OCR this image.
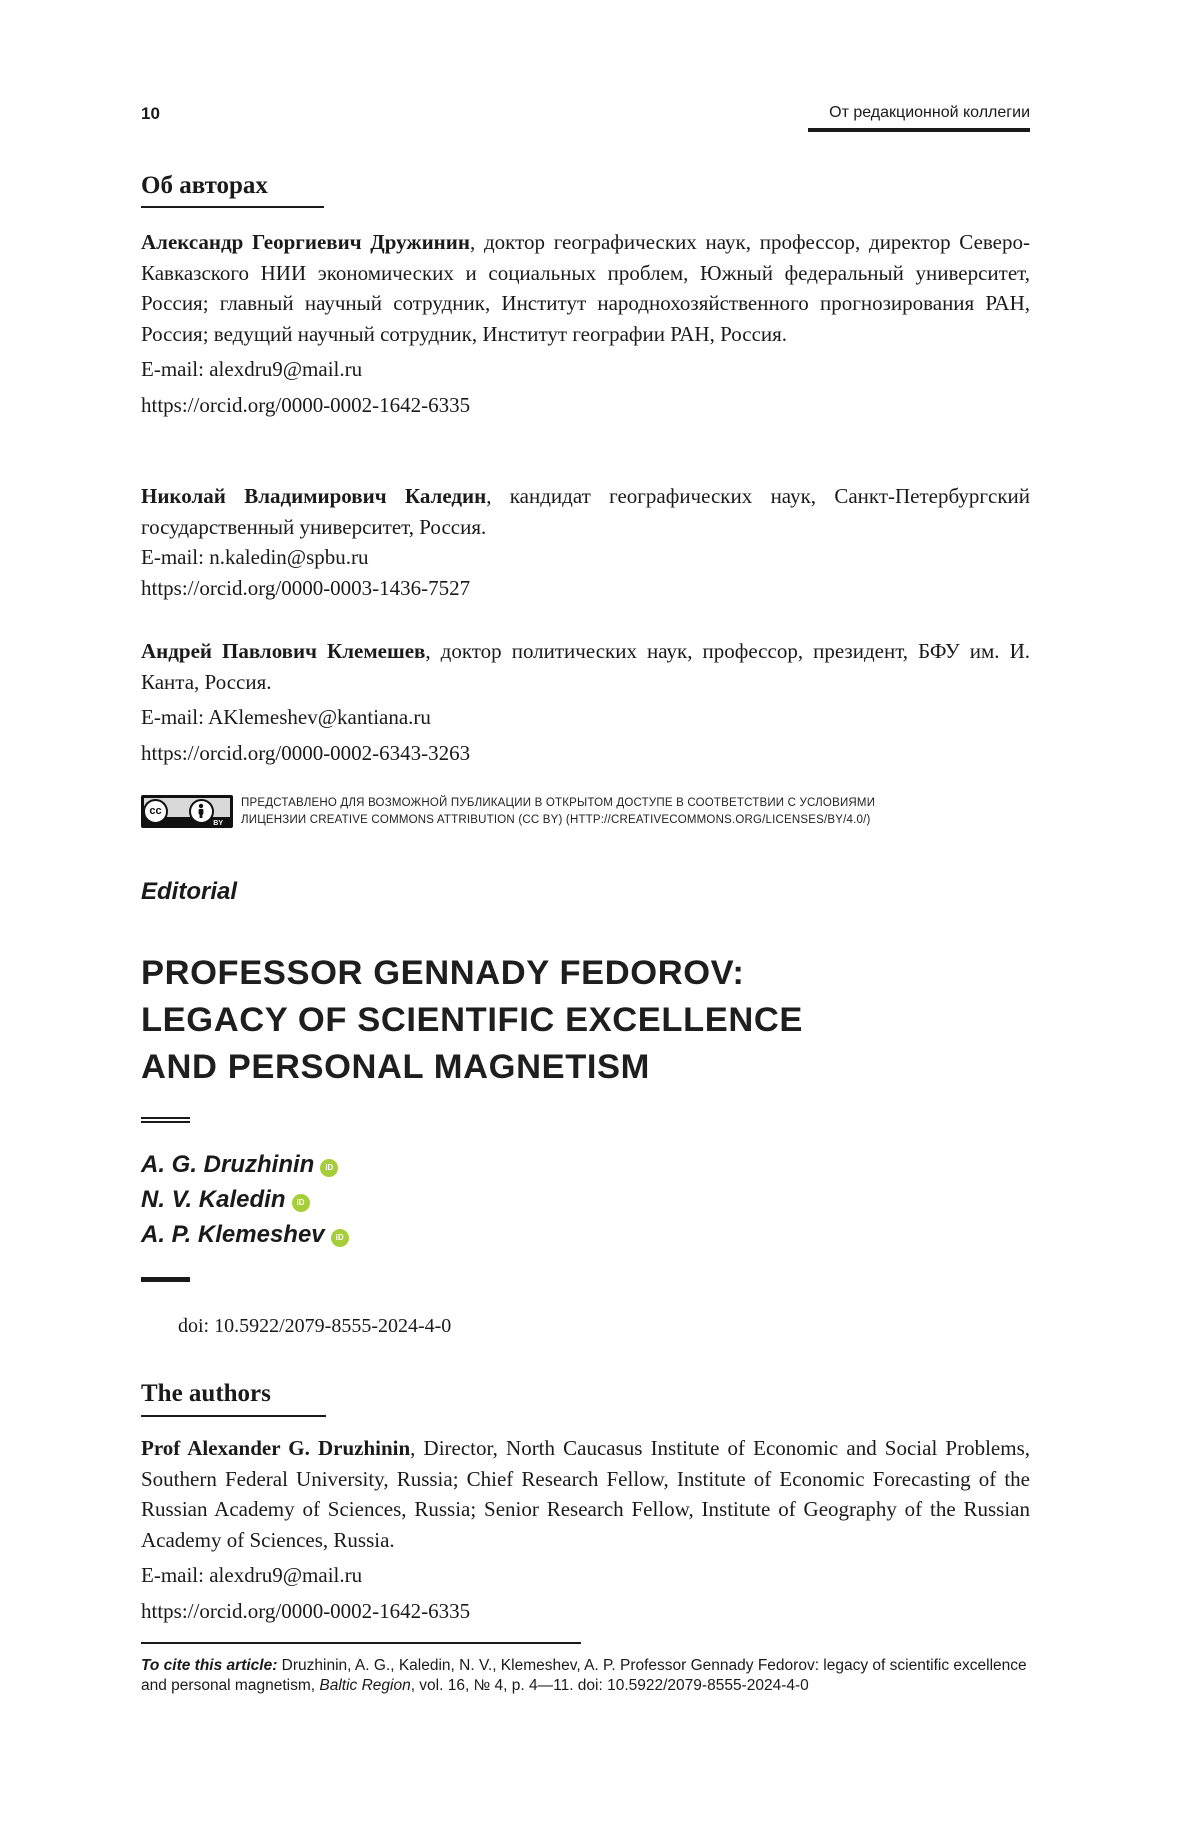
10	От редакционной коллегии
Об авторах

Александр Георгиевич Дружинин, доктор географических наук, профессор, директор Северо-Кавказского НИИ экономических и социальных проблем, Южный федеральный университет, Россия; главный научный сотрудник, Институт народнохозяйственного прогнозирования РАН, Россия; ведущий научный сотрудник, Институт географии РАН, Россия.

E-mail: alexdru9@mail.ru

https://orcid.org/0000-0002-1642-6335

Николай Владимирович Каледин, кандидат географических наук, Санкт-Петербургский государственный университет, Россия.

E-mail: n.kaledin@spbu.ru

https://orcid.org/0000-0003-1436-7527

Андрей Павлович Клемешев, доктор политических наук, профессор, президент, БФУ им. И. Канта, Россия.

E-mail: AKlemeshev@kantiana.ru

https://orcid.org/0000-0002-6343-3263

cc
BY
ПРЕДСТАВЛЕНО ДЛЯ ВОЗМОЖНОЙ ПУБЛИКАЦИИ В ОТКРЫТОМ ДОСТУПЕ В СООТВЕТСТВИИ С УСЛОВИЯМИ
ЛИЦЕНЗИИ CREATIVE COMMONS ATTRIBUTION (CC BY) (HTTP://CREATIVECOMMONS.ORG/LICENSES/BY/4.0/)
Editorial
PROFESSOR GENNADY FEDOROV:
LEGACY OF SCIENTIFIC EXCELLENCE
AND PERSONAL MAGNETISM
A. G. Druzhinin iD
N. V. Kaledin iD
A. P. Klemeshev iD
doi: 10.5922/2079-8555-2024-4-0
The authors

Prof Alexander G. Druzhinin, Director, North Caucasus Institute of Economic and Social Problems, Southern Federal University, Russia; Chief Research Fellow, Institute of Economic Forecasting of the Russian Academy of Sciences, Russia; Senior Research Fellow, Institute of Geography of the Russian Academy of Sciences, Russia.

E-mail: alexdru9@mail.ru

https://orcid.org/0000-0002-1642-6335

To cite this article: Druzhinin, A. G., Kaledin, N. V., Klemeshev, A. P. Professor Gennady Fedorov: legacy of scientific excellence and personal magnetism, Baltic Region, vol. 16, № 4, p. 4—11. doi: 10.5922/2079-8555-2024-4-0
